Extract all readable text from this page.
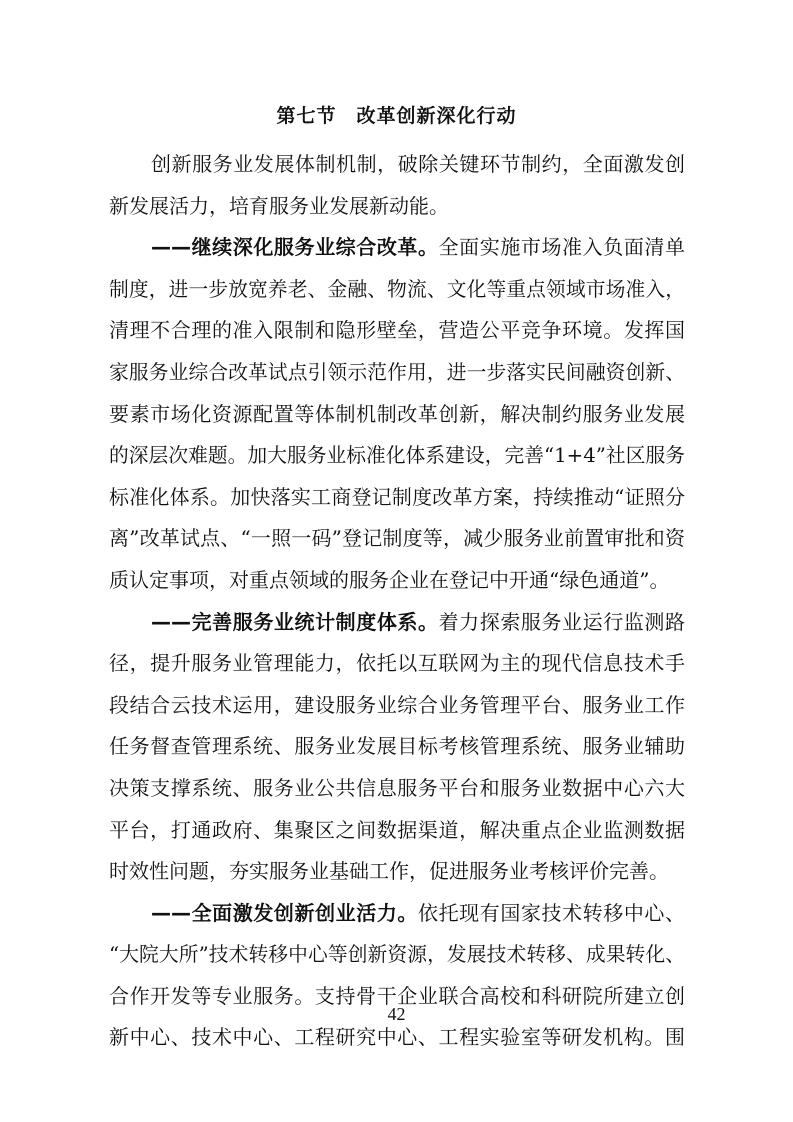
第七节　改革创新深化行动
创新服务业发展体制机制，破除关键环节制约，全面激发创
新发展活力，培育服务业发展新动能。
——继续深化服务业综合改革。全面实施市场准入负面清单
制度，进一步放宽养老、金融、物流、文化等重点领域市场准入，
清理不合理的准入限制和隐形壁垒，营造公平竞争环境。发挥国
家服务业综合改革试点引领示范作用，进一步落实民间融资创新、
要素市场化资源配置等体制机制改革创新，解决制约服务业发展
的深层次难题。加大服务业标准化体系建设，完善“1+4”社区服务
标准化体系。加快落实工商登记制度改革方案，持续推动“证照分
离”改革试点、“一照一码”登记制度等，减少服务业前置审批和资
质认定事项，对重点领域的服务企业在登记中开通“绿色通道”。
——完善服务业统计制度体系。着力探索服务业运行监测路
径，提升服务业管理能力，依托以互联网为主的现代信息技术手
段结合云技术运用，建设服务业综合业务管理平台、服务业工作
任务督查管理系统、服务业发展目标考核管理系统、服务业辅助
决策支撑系统、服务业公共信息服务平台和服务业数据中心六大
平台，打通政府、集聚区之间数据渠道，解决重点企业监测数据
时效性问题，夯实服务业基础工作，促进服务业考核评价完善。
——全面激发创新创业活力。依托现有国家技术转移中心、
“大院大所”技术转移中心等创新资源，发展技术转移、成果转化、
合作开发等专业服务。支持骨干企业联合高校和科研院所建立创
新中心、技术中心、工程研究中心、工程实验室等研发机构。围
42
